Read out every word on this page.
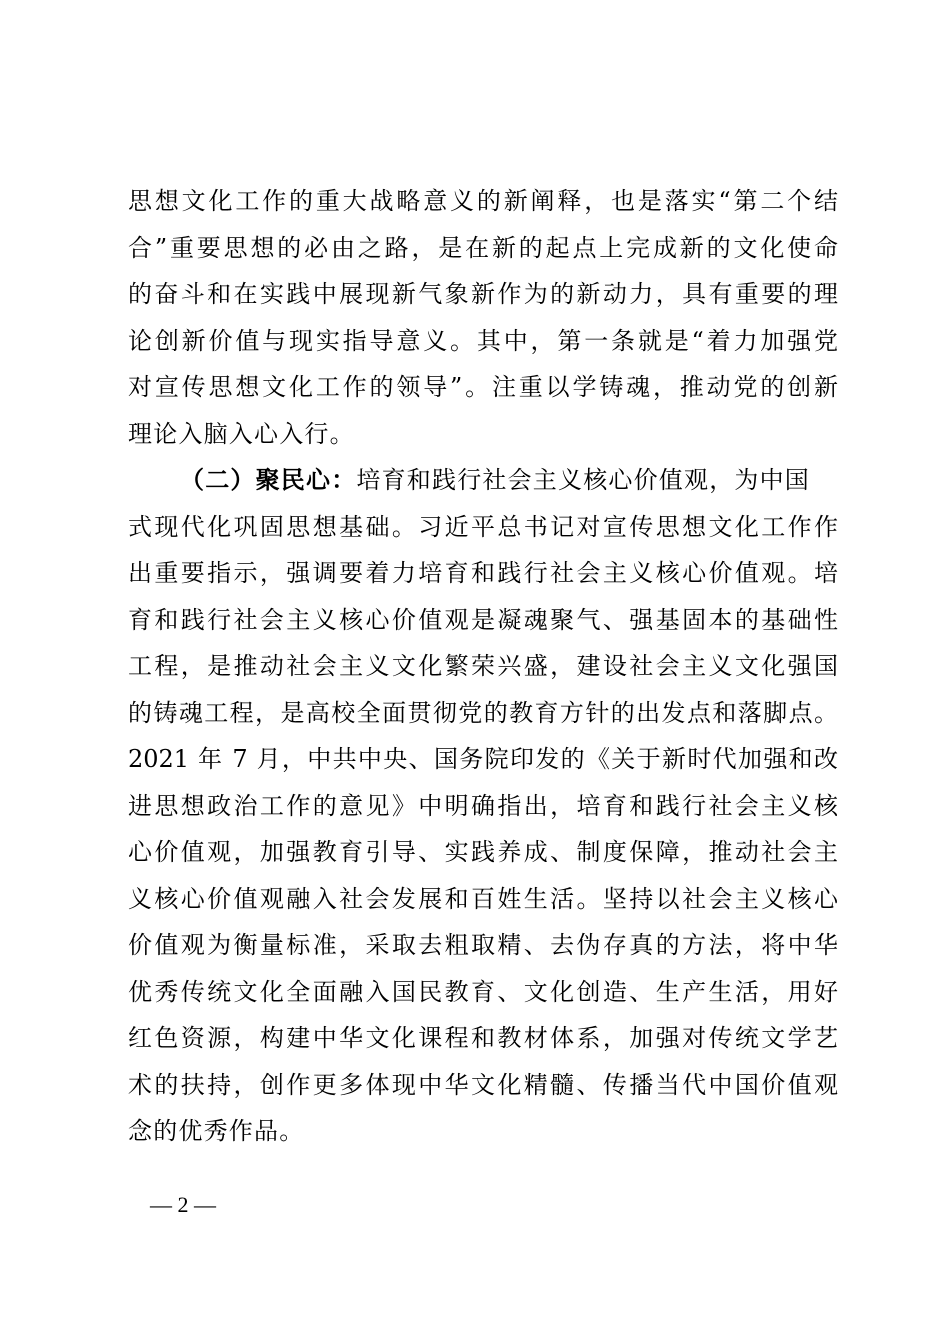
思想文化工作的重大战略意义的新阐释，也是落实“第二个结
合”重要思想的必由之路，是在新的起点上完成新的文化使命
的奋斗和在实践中展现新气象新作为的新动力，具有重要的理
论创新价值与现实指导意义。其中，第一条就是“着力加强党
对宣传思想文化工作的领导”。注重以学铸魂，推动党的创新
理论入脑入心入行。
（二）聚民心：培育和践行社会主义核心价值观，为中国
式现代化巩固思想基础。习近平总书记对宣传思想文化工作作
出重要指示，强调要着力培育和践行社会主义核心价值观。培
育和践行社会主义核心价值观是凝魂聚气、强基固本的基础性
工程，是推动社会主义文化繁荣兴盛，建设社会主义文化强国
的铸魂工程，是高校全面贯彻党的教育方针的出发点和落脚点。
2021 年 7 月，中共中央、国务院印发的《关于新时代加强和改
进思想政治工作的意见》中明确指出，培育和践行社会主义核
心价值观，加强教育引导、实践养成、制度保障，推动社会主
义核心价值观融入社会发展和百姓生活。坚持以社会主义核心
价值观为衡量标准，采取去粗取精、去伪存真的方法，将中华
优秀传统文化全面融入国民教育、文化创造、生产生活，用好
红色资源，构建中华文化课程和教材体系，加强对传统文学艺
术的扶持，创作更多体现中华文化精髓、传播当代中国价值观
念的优秀作品。
— 2 —
